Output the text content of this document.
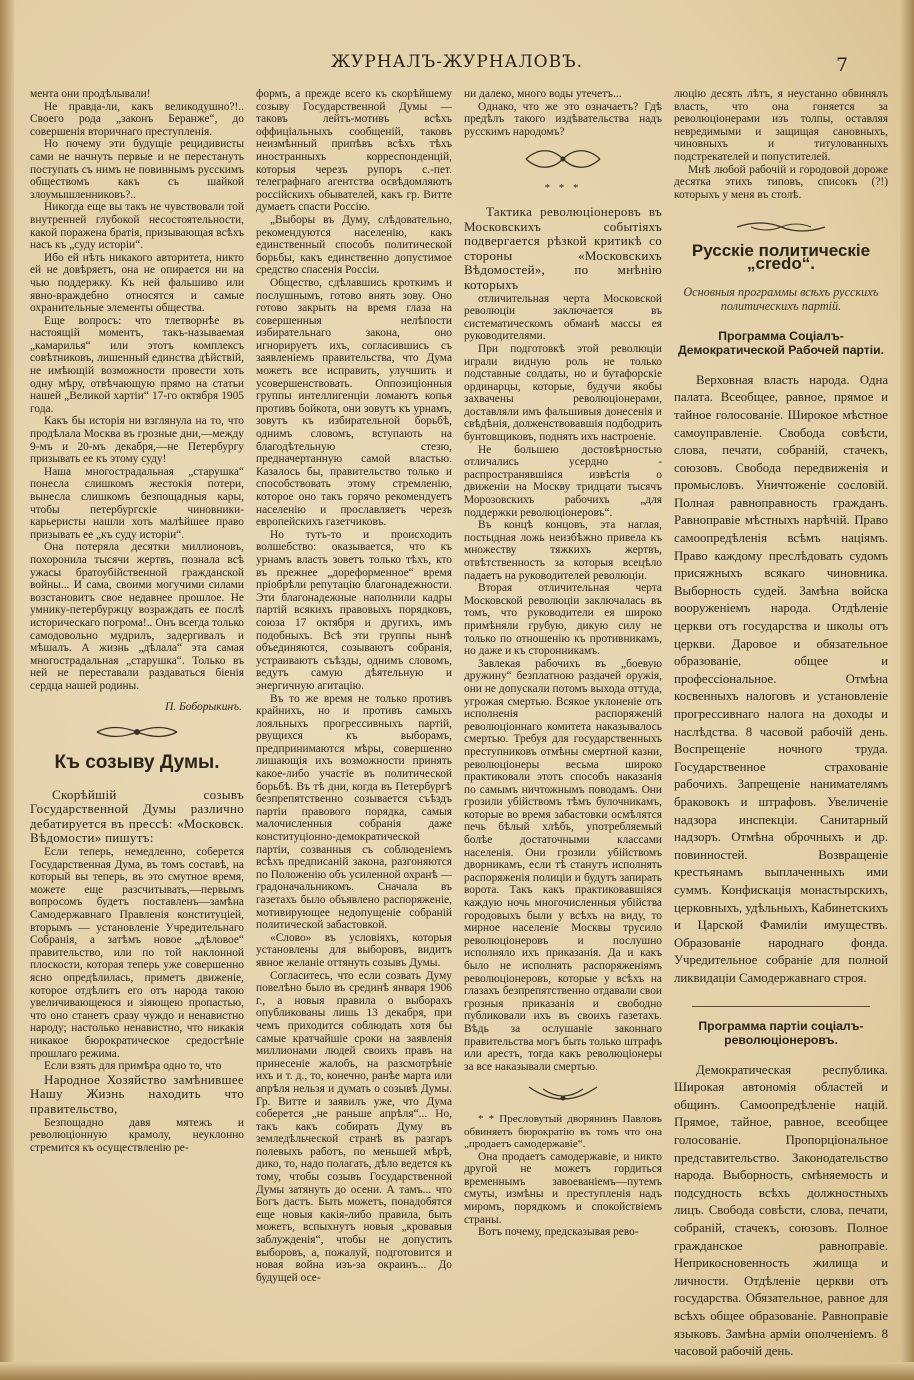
ЖУРНАЛЪ-ЖУРНАЛОВЪ.	7

мента они продѣлывали!

Не правда-ли, какъ великодушно?!.. Своего рода „законъ Беранже“, до совершенія вторичнаго преступленія.

Но почему эти будущіе рецидивисты сами не начнуть первые и не перестануть поступать съ нимъ не повиннымъ русскимъ обществомъ какъ съ шайкой злоумышленниковъ?..

Никогда еще вы такъ не чувствовали той внутренней глубокой несостоятельности, какой поражена братія, призывающая всѣхъ насъ къ „суду исторіи“.

Ибо ей нѣть никакого авторитета, никто ей не довѣряетъ, она не опирается ни на чью поддержку. Къ ней фальшиво или явно-враждебно относятся и самые охранительные элементы общества.

Еще вопросъ: что тлетворнѣе въ настоящій моментъ, такъ-называемая „камарилья“ или этотъ комплексъ совѣтниковъ, лишенный единства дѣйствій, не имѣющій возможности провести хоть одну мѣру, отвѣчающую прямо на статьи нашей „Великой хартіи“ 17-го октября 1905 года.

Какъ бы исторія ни взглянула на то, что продѣлала Москва въ грозные дни,—между 9-мъ и 20-мъ декабря,—не Петербургу призывать ее къ этому суду!

Наша многострадальная „старушка“ понесла слишкомъ жестокія потери, вынесла слишкомъ безпощадныя кары, чтобы петербургскіе чиновники-карьеристы нашли хоть малѣйшее право призывать ее „къ суду исторіи“.

Она потеряла десятки миллионовъ, похоронила тысячи жертвъ, познала всѣ ужасы братоубійственной гражданской войны... И сама, своими могучими силами возстановитъ свое недавнее прошлое. Не умнику-петербуржцу возраждать ее послѣ историческаго погрома!.. Онъ всегда только самодовольно мудрилъ, задергивалъ и мѣшалъ. А жизнь „дѣлала“ эта самая многострадальная „старушка“. Только въ ней не переставали раздаваться біенія сердца нашей родины.

П. Боборыкинъ.
Къ созыву Думы.

Скорѣйшій созывъ Государственной Думы различно дебатируется въ прессѣ: «Московск. Вѣдомости» пишутъ:

Если теперь, немедленно, соберется Государственная Дума, въ томъ составѣ, на который вы теперь, въ это смутное время, можете еще разсчитывать,—первымъ вопросомъ будетъ поставленъ—замѣна Самодержавнаго Правленія конституціей, вторымъ — установленіе Учредительнаго Собранія, а затѣмъ новое „дѣловое“ правительство, или по той наклонной плоскости, которая теперь уже совершенно ясно опредѣлилась, приметъ движеніе, которое отдѣлитъ его отъ народа такою увеличивающеюся и зіяющею пропастью, что оно станетъ сразу чуждо и ненавистно народу; настолько ненавистно, что никакія никакое бюрократическое средостѣніе прошлаго режима.

Если взять для примѣра одно то, что

Народное Хозяйство замѣнившее Нашу Жизнь находить что правительство,

Безпощадно давя мятежъ и революціонную крамолу, неуклонно стремится къ осуществленію ре-

формъ, а прежде всего къ скорѣйшему созыву Государственной Думы — таковъ лейтъ-мотивъ всѣхъ оффиціальныхъ сообщеній, таковъ неизмѣнный припѣвъ всѣхъ тѣхъ иностранныхъ корреспонденцій, которыя черезъ рупоръ с.-пет. телеграфнаго агентства освѣдомляютъ россійскихъ обывателей, какъ гр. Витте думаетъ спасти Россію.

„Выборы въ Думу, слѣдовательно, рекомендуются населенію, какъ единственный способъ политической борьбы, какъ единственно допустимое средство спасенія Россіи.

Общество, сдѣлавшись кроткимъ и послушнымъ, готово внять зову. Оно готово закрыть на время глаза на совершенныя нелѣпости избирательнаго закона, оно игнорируетъ ихъ, согласившись съ заявленіемъ правительства, что Дума можетъ все исправить, улучшить и усовершенствовать. Оппозиціонныя группы интеллигенціи ломаютъ копья противъ бойкота, они зовутъ къ урнамъ, зовутъ къ избирательной борьбѣ, однимъ словомъ, вступають на благодѣтельную стезю, предначертанную самой властью. Казалось бы, правительство только и способствовать этому стремленію, которое оно такъ горячо рекомендуетъ населенію и прославляетъ черезъ европейскихъ газетчиковъ.

Но тутъ-то и происходить волшебство: оказывается, что къ урнамъ власть зоветъ только тѣхъ, кто въ прежнее „дореформенное“ время пріобрѣли репутацію благонадежности. Эти благонадежные наполнили кадры партій всякихъ правовыхъ порядковъ, союза 17 октября и другихъ, имъ подобныхъ. Всѣ эти группы нынѣ объединяются, созываютъ собранія, устраиваютъ съѣзды, однимъ словомъ, ведутъ самую дѣятельную и энергичную агитацію.

Въ то же время не только противъ крайнихъ, но и противъ самыхъ лояльныхъ прогрессивныхъ партій, рвущихся къ выборамъ, предпринимаются мѣры, совершенно лишающія ихъ возможности принять какое-либо участіе въ политической борьбѣ. Въ тѣ дни, когда въ Петербургѣ безпрепятственно созывается съѣздъ партіи правового порядка, самыя малочисленныя собранія даже конституціонно-демократической партіи, созванныя съ соблюденіемъ всѣхъ предписаній закона, разгоняются по Положенію объ усиленной охранѣ — градоначальникомъ. Сначала въ газетахъ было объявлено распоряженіе, мотивирующее недопущеніе собраній политической забастовкой.

«Слово» въ условіяхъ, которыя установлены для выборовъ, видитъ явное желаніе оттянуть созывъ Думы.

Согласитесь, что если созвать Думу повелѣно было въ срединѣ января 1906 г., а новыя правила о выборахъ опубликованы лишь 13 декабря, при чемъ приходится соблюдать хотя бы самые кратчайшіе сроки на заявленія миллионами людей своихъ правъ на принесеніе жалобъ, на разсмотрѣніе ихъ и т. д., то, конечно, ранѣе марта или апрѣля нельзя и думать о созывѣ Думы. Гр. Витте и заявилъ уже, что Дума соберется „не раньше апрѣля“... Но, такъ какъ собирать Думу въ земледѣльческой странѣ въ разгаръ полевыхъ работъ, по меньшей мѣрѣ, дико, то, надо полагать, дѣло ведется къ тому, чтобы созывъ Государственной Думы затянуть до осени. А тамъ... что Богъ дастъ. Быть можетъ, понадобятся еще новыя какія-либо правила, быть можетъ, вспыхнутъ новыя „кровавыя заблужденія“, чтобы не допустить выборовъ, а, пожалуй, подготовится и новая война изъ-за окраинъ... До будущей осе-

ни далеко, много воды утечетъ...

Однако, что же это означаетъ? Гдѣ предѣлъ такого издѣвательства надъ русскимъ народомъ?

* * *

Тактика революціонеровъ въ Московскихъ событіяхъ подвергается рѣзкой критикѣ со стороны «Московскихъ Вѣдомостей», по мнѣнію которыхъ

отличительная черта Московской революціи заключается въ систематическомъ обманѣ массы ея руководителями.

При подготовкѣ этой революціи играли видную роль не только подставные солдаты, но и бутафорскіе ординарцы, которые, будучи якобы захвачены революціонерами, доставляли имъ фальшивыя донесенія и свѣдѣнія, долженствовавшія подбодрить бунтовщиковъ, поднять ихъ настроеніе.

Не большею достовѣрностью отличались усердно - распространявшіяся извѣстія о движеніи на Москву тридцати тысячъ Морозовскихъ рабочихъ „для поддержки революціонеровъ“.

Въ концѣ концовъ, эта наглая, постыдная ложь неизбѣжно привела къ множеству тяжкихъ жертвъ, отвѣтственность за которыя всецѣло падаетъ на руководителей революціи.

Вторая отличительная черта Московской революціи заключалась въ томъ, что руководители ея широко примѣняли грубую, дикую силу не только по отношенію къ противникамъ, но даже и къ сторонникамъ.

Завлекая рабочихъ въ „боевую дружину“ безплатною раздачей оружія, они не допускали потомъ выхода оттуда, угрожая смертью. Всякое уклоненіе отъ исполненія распоряженій революціоннаго комитета наказывалось смертью. Требуя для государственныхъ преступниковъ отмѣны смертной казни, революціонеры весьма широко практиковали этотъ способъ наказанія по самымъ ничтожнымъ поводамъ. Они грозили убійствомъ тѣмъ булочникамъ, которые во время забастовки осмѣлятся печь бѣлый хлѣбъ, употребляемый болѣе достаточными классами населенія. Они грозили убійствомъ дворникамъ, если тѣ станутъ исполнять распоряженія полиціи и будутъ запирать ворота. Такъ какъ практиковавшіяся каждую ночь многочисленныя убійства городовыхъ были у всѣхъ на виду, то мирное населеніе Москвы трусило революціонеровъ и послушно исполняло ихъ приказанія. Да и какъ было не исполнять распоряженіямъ революціонеровъ, которые у всѣхъ на глазахъ безпрепятственно отдавали свои грозныя приказанія и свободно публиковали ихъ въ своихъ газетахъ. Вѣдь за ослушаніе законнаго правительства могъ быть только штрафъ или арестъ, тогда какъ революціонеры за все наказывали смертью.

* * Пресловутый дворянинъ Павловъ обвиняетъ бюрократію въ томъ что она „продаетъ самодержавіе“.

Она продаетъ самодержавіе, и никто другой не можетъ гордиться временнымъ завоеваніемъ—путемъ смуты, измѣны и преступленія надъ миромъ, порядкомъ и спокойствіемъ страны.

Вотъ почему, предсказывая рево-

люцію десять лѣтъ, я неустанно обвинялъ власть, что она гоняется за революціонерами изъ толпы, оставляя невредимыми и защищая сановныхъ, чиновныхъ и титулованныхъ подстрекателей и попустителей.

Мнѣ любой рабочій и городовой дороже десятка этихъ типовъ, списокъ (?!) которыхъ у меня въ столѣ.

Русскіе политическіе „credo“.
Основныя программы всѣхъ русскихъ политическихъ партій.
Программа Соціалъ-Демократической Рабочей партіи.

Верховная власть народа. Одна палата. Всеобщее, равное, прямое и тайное голосованіе. Широкое мѣстное самоуправленіе. Свобода совѣсти, слова, печати, собраній, стачекъ, союзовъ. Свобода передвиженія и промысловъ. Уничтоженіе сословій. Полная равноправность гражданъ. Равноправіе мѣстныхъ нарѣчій. Право самоопредѣленія всѣмъ націямъ. Право каждому преслѣдовать судомъ присяжныхъ всякаго чиновника. Выборность судей. Замѣна войска вооруженіемъ народа. Отдѣленіе церкви отъ государства и школы отъ церкви. Даровое и обязательное образованіе, общее и профессіональное. Отмѣна косвенныхъ налоговъ и установленіе прогрессивнаго налога на доходы и наслѣдства. 8 часовой рабочій день. Воспрещеніе ночного труда. Государственное страхованіе рабочихъ. Запрещеніе нанимателямъ браковокъ и штрафовъ. Увеличеніе надзора инспекціи. Санитарный надзоръ. Отмѣна оброчныхъ и др. повинностей. Возвращеніе крестьянамъ выплаченныхъ ими суммъ. Конфискація монастырскихъ, церковныхъ, удѣльныхъ, Кабинетскихъ и Царской Фамиліи имуществъ. Образованіе народнаго фонда. Учредительное собраніе для полной ликвидаціи Самодержавнаго строя.

Программа партіи соціалъ-революціонеровъ.

Демократическая республика. Широкая автономія областей и общинъ. Самоопредѣленіе націй. Прямое, тайное, равное, всеобщее голосованіе. Пропорціональное представительство. Законодательство народа. Выборность, смѣняемость и подсудность всѣхъ должностныхъ лицъ. Свобода совѣсти, слова, печати, собраній, стачекъ, союзовъ. Полное гражданское равноправіе. Неприкосновенность жилища и личности. Отдѣленіе церкви отъ государства. Обязательное, равное для всѣхъ общее образованіе. Равноправіе языковъ. Замѣна арміи ополченіемъ. 8 часовой рабочій день.
